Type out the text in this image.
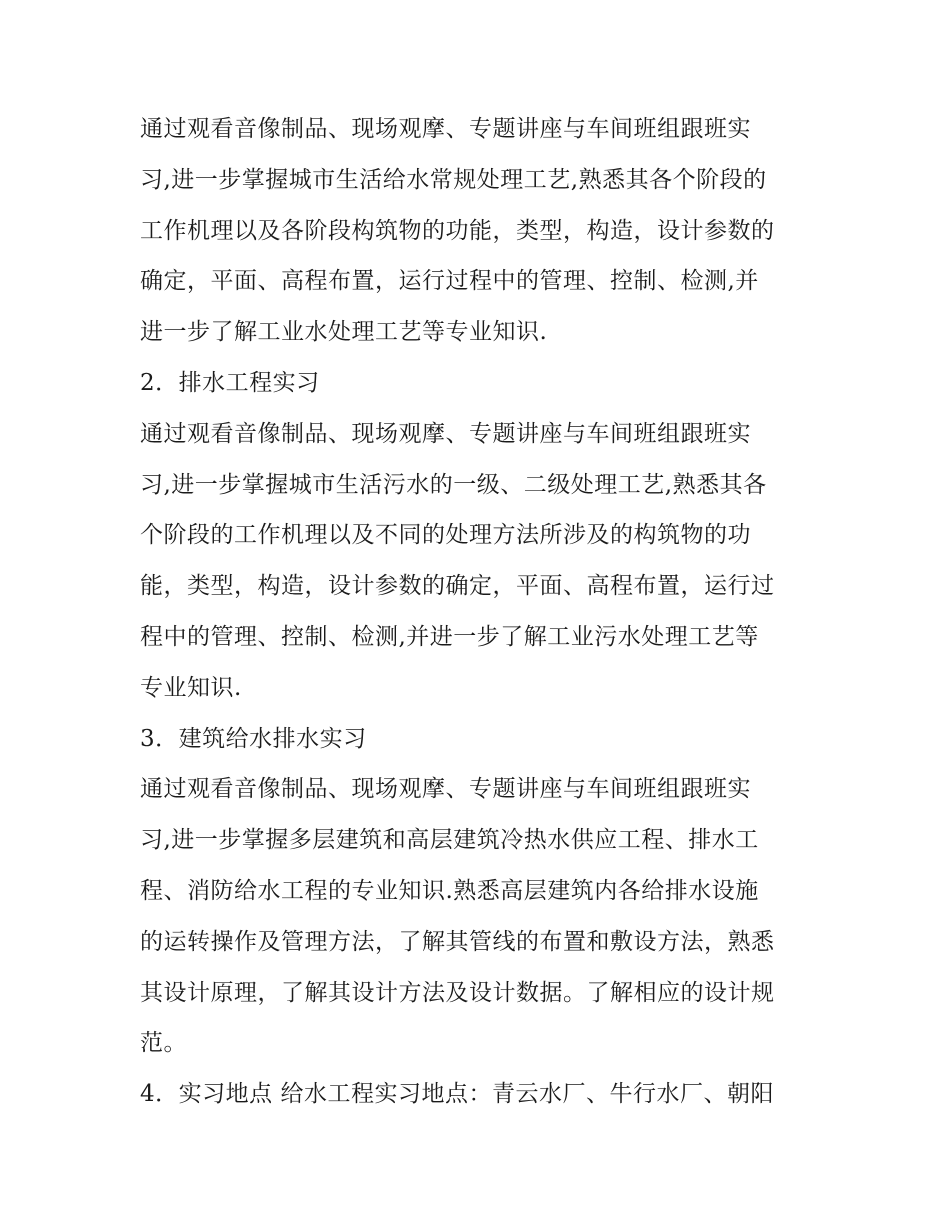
通过观看音像制品、现场观摩、专题讲座与车间班组跟班实
习,进一步掌握城市生活给水常规处理工艺,熟悉其各个阶段的
工作机理以及各阶段构筑物的功能，类型，构造，设计参数的
确定，平面、高程布置，运行过程中的管理、控制、检测,并
进一步了解工业水处理工艺等专业知识.
2．排水工程实习
通过观看音像制品、现场观摩、专题讲座与车间班组跟班实
习,进一步掌握城市生活污水的一级、二级处理工艺,熟悉其各
个阶段的工作机理以及不同的处理方法所涉及的构筑物的功
能，类型，构造，设计参数的确定，平面、高程布置，运行过
程中的管理、控制、检测,并进一步了解工业污水处理工艺等
专业知识.
3．建筑给水排水实习
通过观看音像制品、现场观摩、专题讲座与车间班组跟班实
习,进一步掌握多层建筑和高层建筑冷热水供应工程、排水工
程、消防给水工程的专业知识.熟悉高层建筑内各给排水设施
的运转操作及管理方法，了解其管线的布置和敷设方法，熟悉
其设计原理，了解其设计方法及设计数据。了解相应的设计规
范。
4．实习地点 给水工程实习地点：青云水厂、牛行水厂、朝阳
